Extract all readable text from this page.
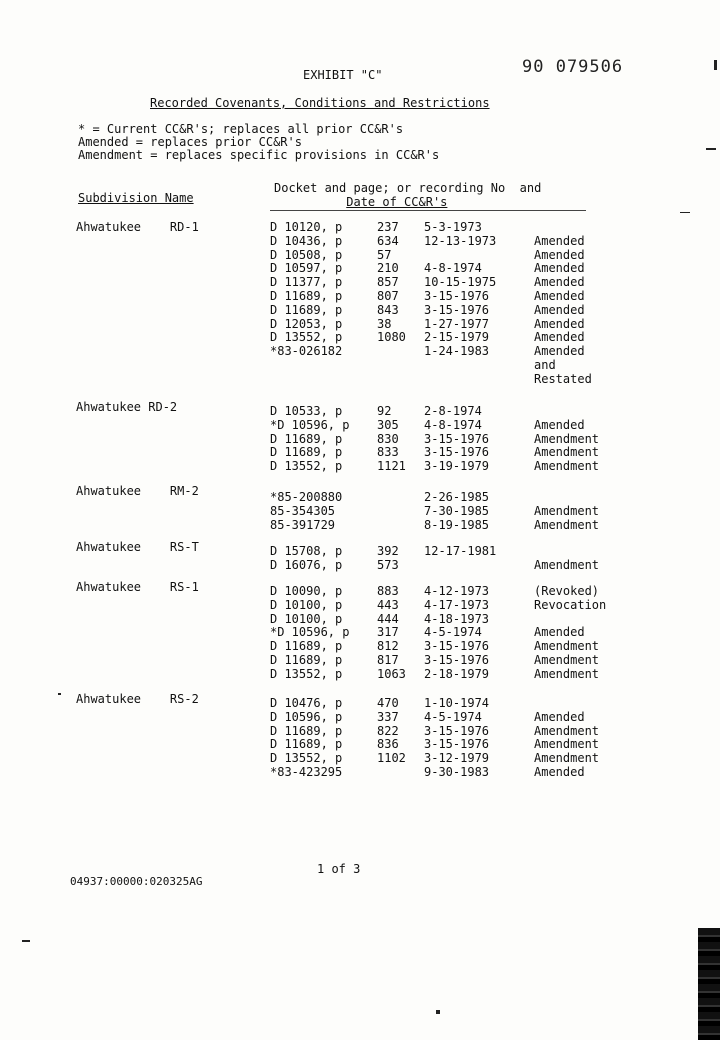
EXHIBIT "C"	90 079506
Recorded Covenants, Conditions and Restrictions
* = Current CC&R's; replaces all prior CC&R's
Amended = replaces prior CC&R's
Amendment = replaces specific provisions in CC&R's
Subdivision Name
Docket and page; or recording No  and
Date of CC&R's
Ahwatukee    RD-1	D 10120, p	237 5-3-1973
D 10436, p	634 12-13-1973	Amended
D 10508, p	57	Amended
D 10597, p	210 4-8-1974	Amended
D 11377, p	857 10-15-1975	Amended
D 11689, p	807 3-15-1976	Amended
D 11689, p	843 3-15-1976	Amended
D 12053, p	38	1-27-1977	Amended
D 13552, p	1080 2-15-1979	Amended
*83-026182	1-24-1983	Amended
and
Restated
Ahwatukee RD-2	D 10533, p	92	2-8-1974
*D 10596, p 305 4-8-1974	Amended
D 11689, p	830 3-15-1976	Amendment
D 11689, p	833 3-15-1976	Amendment
D 13552, p	1121 3-19-1979	Amendment
Ahwatukee    RM-2	*85-200880	2-26-1985
85-354305	7-30-1985	Amendment
85-391729	8-19-1985	Amendment
Ahwatukee    RS-T	D 15708, p	392 12-17-1981
D 16076, p	573	Amendment
Ahwatukee    RS-1	D 10090, p	883 4-12-1973	(Revoked)
D 10100, p	443 4-17-1973	Revocation
D 10100, p	444 4-18-1973
*D 10596, p 317 4-5-1974	Amended
D 11689, p	812 3-15-1976	Amendment
D 11689, p	817 3-15-1976	Amendment
D 13552, p	1063 2-18-1979	Amendment
Ahwatukee    RS-2	D 10476, p	470 1-10-1974
D 10596, p	337 4-5-1974	Amended
D 11689, p	822 3-15-1976	Amendment
D 11689, p	836 3-15-1976	Amendment
D 13552, p	1102 3-12-1979	Amendment
*83-423295	9-30-1983	Amended
1 of 3
04937:00000:020325AG
